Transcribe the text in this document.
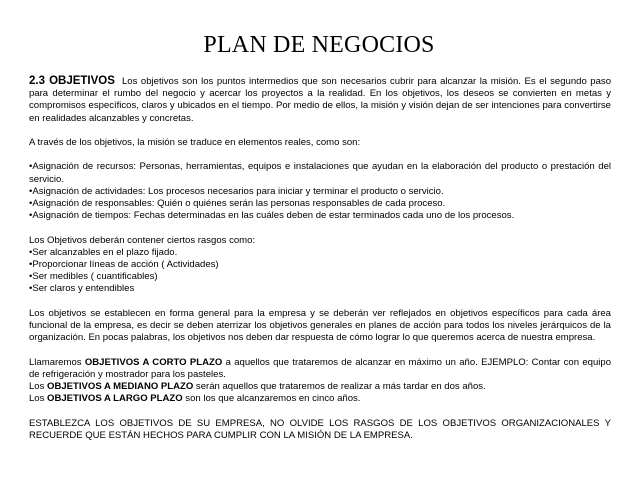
PLAN DE NEGOCIOS

2.3 OBJETIVOS Los objetivos son los puntos intermedios que son necesarios cubrir para alcanzar la misión. Es el segundo paso para determinar el rumbo del negocio y acercar los proyectos a la realidad. En los objetivos, los deseos se convierten en metas y compromisos específicos, claros y ubicados en el tiempo. Por medio de ellos, la misión y visión dejan de ser intenciones para convertirse en realidades alcanzables y concretas.

A través de los objetivos, la misión se traduce en elementos reales, como son:

•Asignación de recursos: Personas, herramientas, equipos e instalaciones que ayudan en la elaboración del producto o prestación del servicio.

•Asignación de actividades: Los procesos necesarios para iniciar y terminar el producto o servicio.

•Asignación de responsables: Quién o quiénes serán las personas responsables de cada proceso.

•Asignación de tiempos: Fechas determinadas en las cuáles deben de estar terminados cada uno de los procesos.

Los Objetivos deberán contener ciertos rasgos como:

•Ser alcanzables en el plazo fijado.

•Proporcionar líneas de acción ( Actividades)

•Ser medibles ( cuantificables)

•Ser claros y entendibles

Los objetivos se establecen en forma general para la empresa y se deberán ver reflejados en objetivos específicos para cada área funcional de la empresa, es decir se deben aterrizar los objetivos generales en planes de acción para todos los niveles jerárquicos de la organización. En pocas palabras, los objetivos nos deben dar respuesta de cómo lograr lo que queremos acerca de nuestra empresa.

Llamaremos OBJETIVOS A CORTO PLAZO a aquellos que trataremos de alcanzar en máximo un año. EJEMPLO: Contar con equipo de refrigeración y mostrador para los pasteles.

Los OBJETIVOS A MEDIANO PLAZO serán aquellos que trataremos de realizar a más tardar en dos años.

Los OBJETIVOS A LARGO PLAZO son los que alcanzaremos en cinco años.

ESTABLEZCA LOS OBJETIVOS DE SU EMPRESA, NO OLVIDE LOS RASGOS DE LOS OBJETIVOS ORGANIZACIONALES Y RECUERDE QUE ESTÁN HECHOS PARA CUMPLIR CON LA MISIÓN DE LA EMPRESA.
